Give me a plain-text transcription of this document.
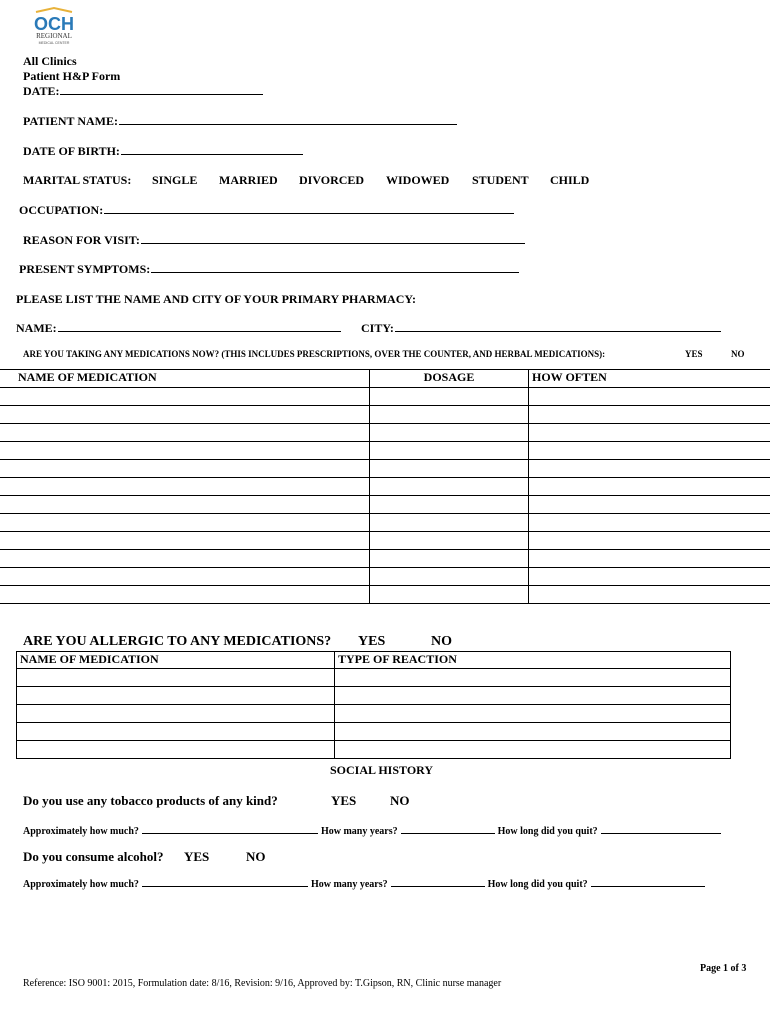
OCH
REGIONAL
MEDICAL CENTER
All Clinics
Patient H&P Form
DATE:
PATIENT NAME:
DATE OF BIRTH:
MARITAL STATUS: SINGLE MARRIED DIVORCED WIDOWED STUDENT CHILD
OCCUPATION:
REASON FOR VISIT:
PRESENT SYMPTOMS:
PLEASE LIST THE NAME AND CITY OF YOUR PRIMARY PHARMACY:
NAME:	CITY:
ARE YOU TAKING ANY MEDICATIONS NOW? (THIS INCLUDES PRESCRIPTIONS, OVER THE COUNTER, AND HERBAL MEDICATIONS):	YES	NO
NAME OF MEDICATION	DOSAGE	HOW OFTEN

ARE YOU ALLERGIC TO ANY MEDICATIONS? YES	NO
NAME OF MEDICATION	TYPE OF REACTION

SOCIAL HISTORY
Do you use any tobacco products of any kind?	YES	NO
Approximately how much?	How many years?	How long did you quit?
Do you consume alcohol? YES	NO
Approximately how much?	How many years?	How long did you quit?
Page 1 of 3
Reference: ISO 9001: 2015, Formulation date: 8/16, Revision: 9/16, Approved by: T.Gipson, RN, Clinic nurse manager
